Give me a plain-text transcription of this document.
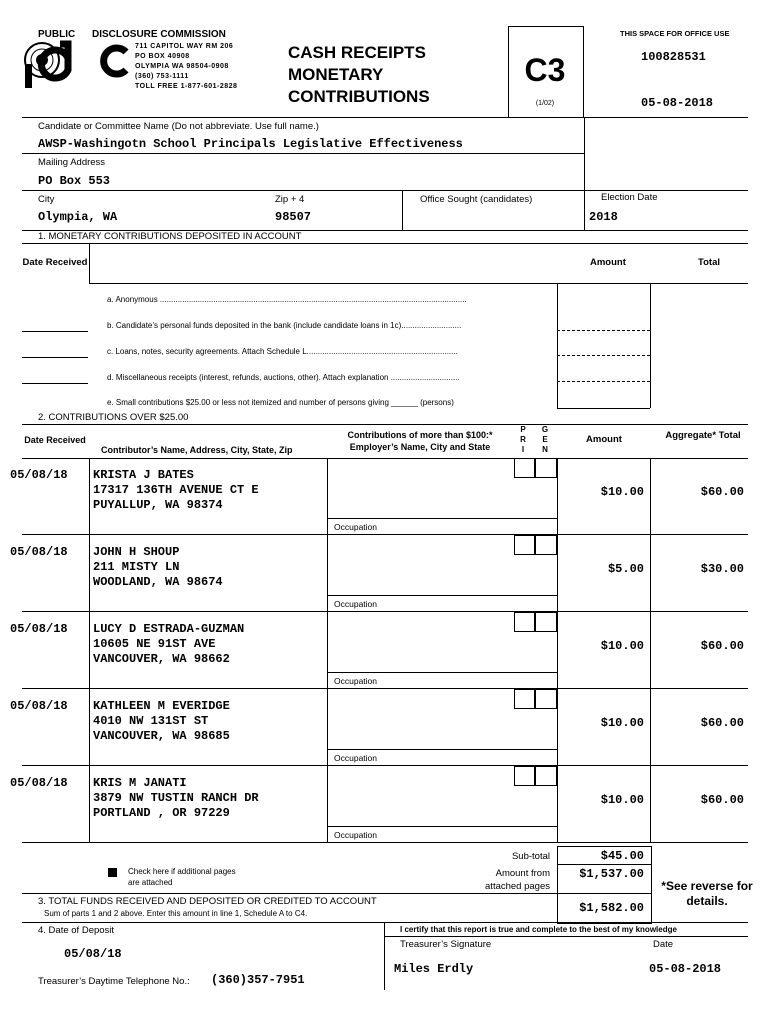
PUBLIC DISCLOSURE COMMISSION
711 CAPITOL WAY RM 206
PO BOX 40908
OLYMPIA WA 98504-0908
(360) 753-1111
TOLL FREE 1-877-601-2828
CASH RECEIPTS
MONETARY
CONTRIBUTIONS
C3
(1/02)
THIS SPACE FOR OFFICE USE
100828531
05-08-2018
Candidate or Committee Name (Do not abbreviate. Use full name.)
AWSP-Washingotn School Principals Legislative Effectiveness
Mailing Address
PO Box 553
City
Olympia, WA
Zip + 4
98507
Office Sought (candidates)	Election Date
2018
1. MONETARY CONTRIBUTIONS DEPOSITED IN ACCOUNT
Date Received	Amount	Total
a. Anonymous ..........................................................................................................................................
b. Candidate’s personal funds deposited in the bank (include candidate loans in 1c)...........................
c. Loans, notes, security agreements. Attach Schedule L....................................................................
d. Miscellaneous receipts (interest, refunds, auctions, other). Attach explanation ...............................
e. Small contributions $25.00 or less not itemized and number of persons giving ______ (persons)
2. CONTRIBUTIONS OVER $25.00
Date Received
Contributor’s Name, Address, City, State, Zip
Contributions of more than $100:* Employer’s Name, City and State
P R I
G E N
Amount	Aggregate* Total
05/08/18 KRISTA J BATES
17317 136TH AVENUE CT E
PUYALLUP, WA 98374
Occupation
$10.00	$60.00
05/08/18 JOHN H SHOUP
211 MISTY LN
WOODLAND, WA 98674
Occupation
$5.00	$30.00
05/08/18 LUCY D ESTRADA-GUZMAN
10605 NE 91ST AVE
VANCOUVER, WA 98662
Occupation
$10.00	$60.00
05/08/18 KATHLEEN M EVERIDGE
4010 NW 131ST ST
VANCOUVER, WA 98685
Occupation
$10.00	$60.00
05/08/18 KRIS M JANATI
3879 NW TUSTIN RANCH DR
PORTLAND , OR 97229
Occupation
$10.00	$60.00
Check here if additional pages are attached
Sub-total
Amount from attached pages
$45.00
$1,537.00
$1,582.00
*See reverse for details.
3. TOTAL FUNDS RECEIVED AND DEPOSITED OR CREDITED TO ACCOUNT
Sum of parts 1 and 2 above. Enter this amount in line 1, Schedule A to C4.
4. Date of Deposit
05/08/18
Treasurer’s Daytime Telephone No.: (360)357-7951
I certify that this report is true and complete to the best of my knowledge
Treasurer’s Signature	Date
Miles Erdly	05-08-2018
